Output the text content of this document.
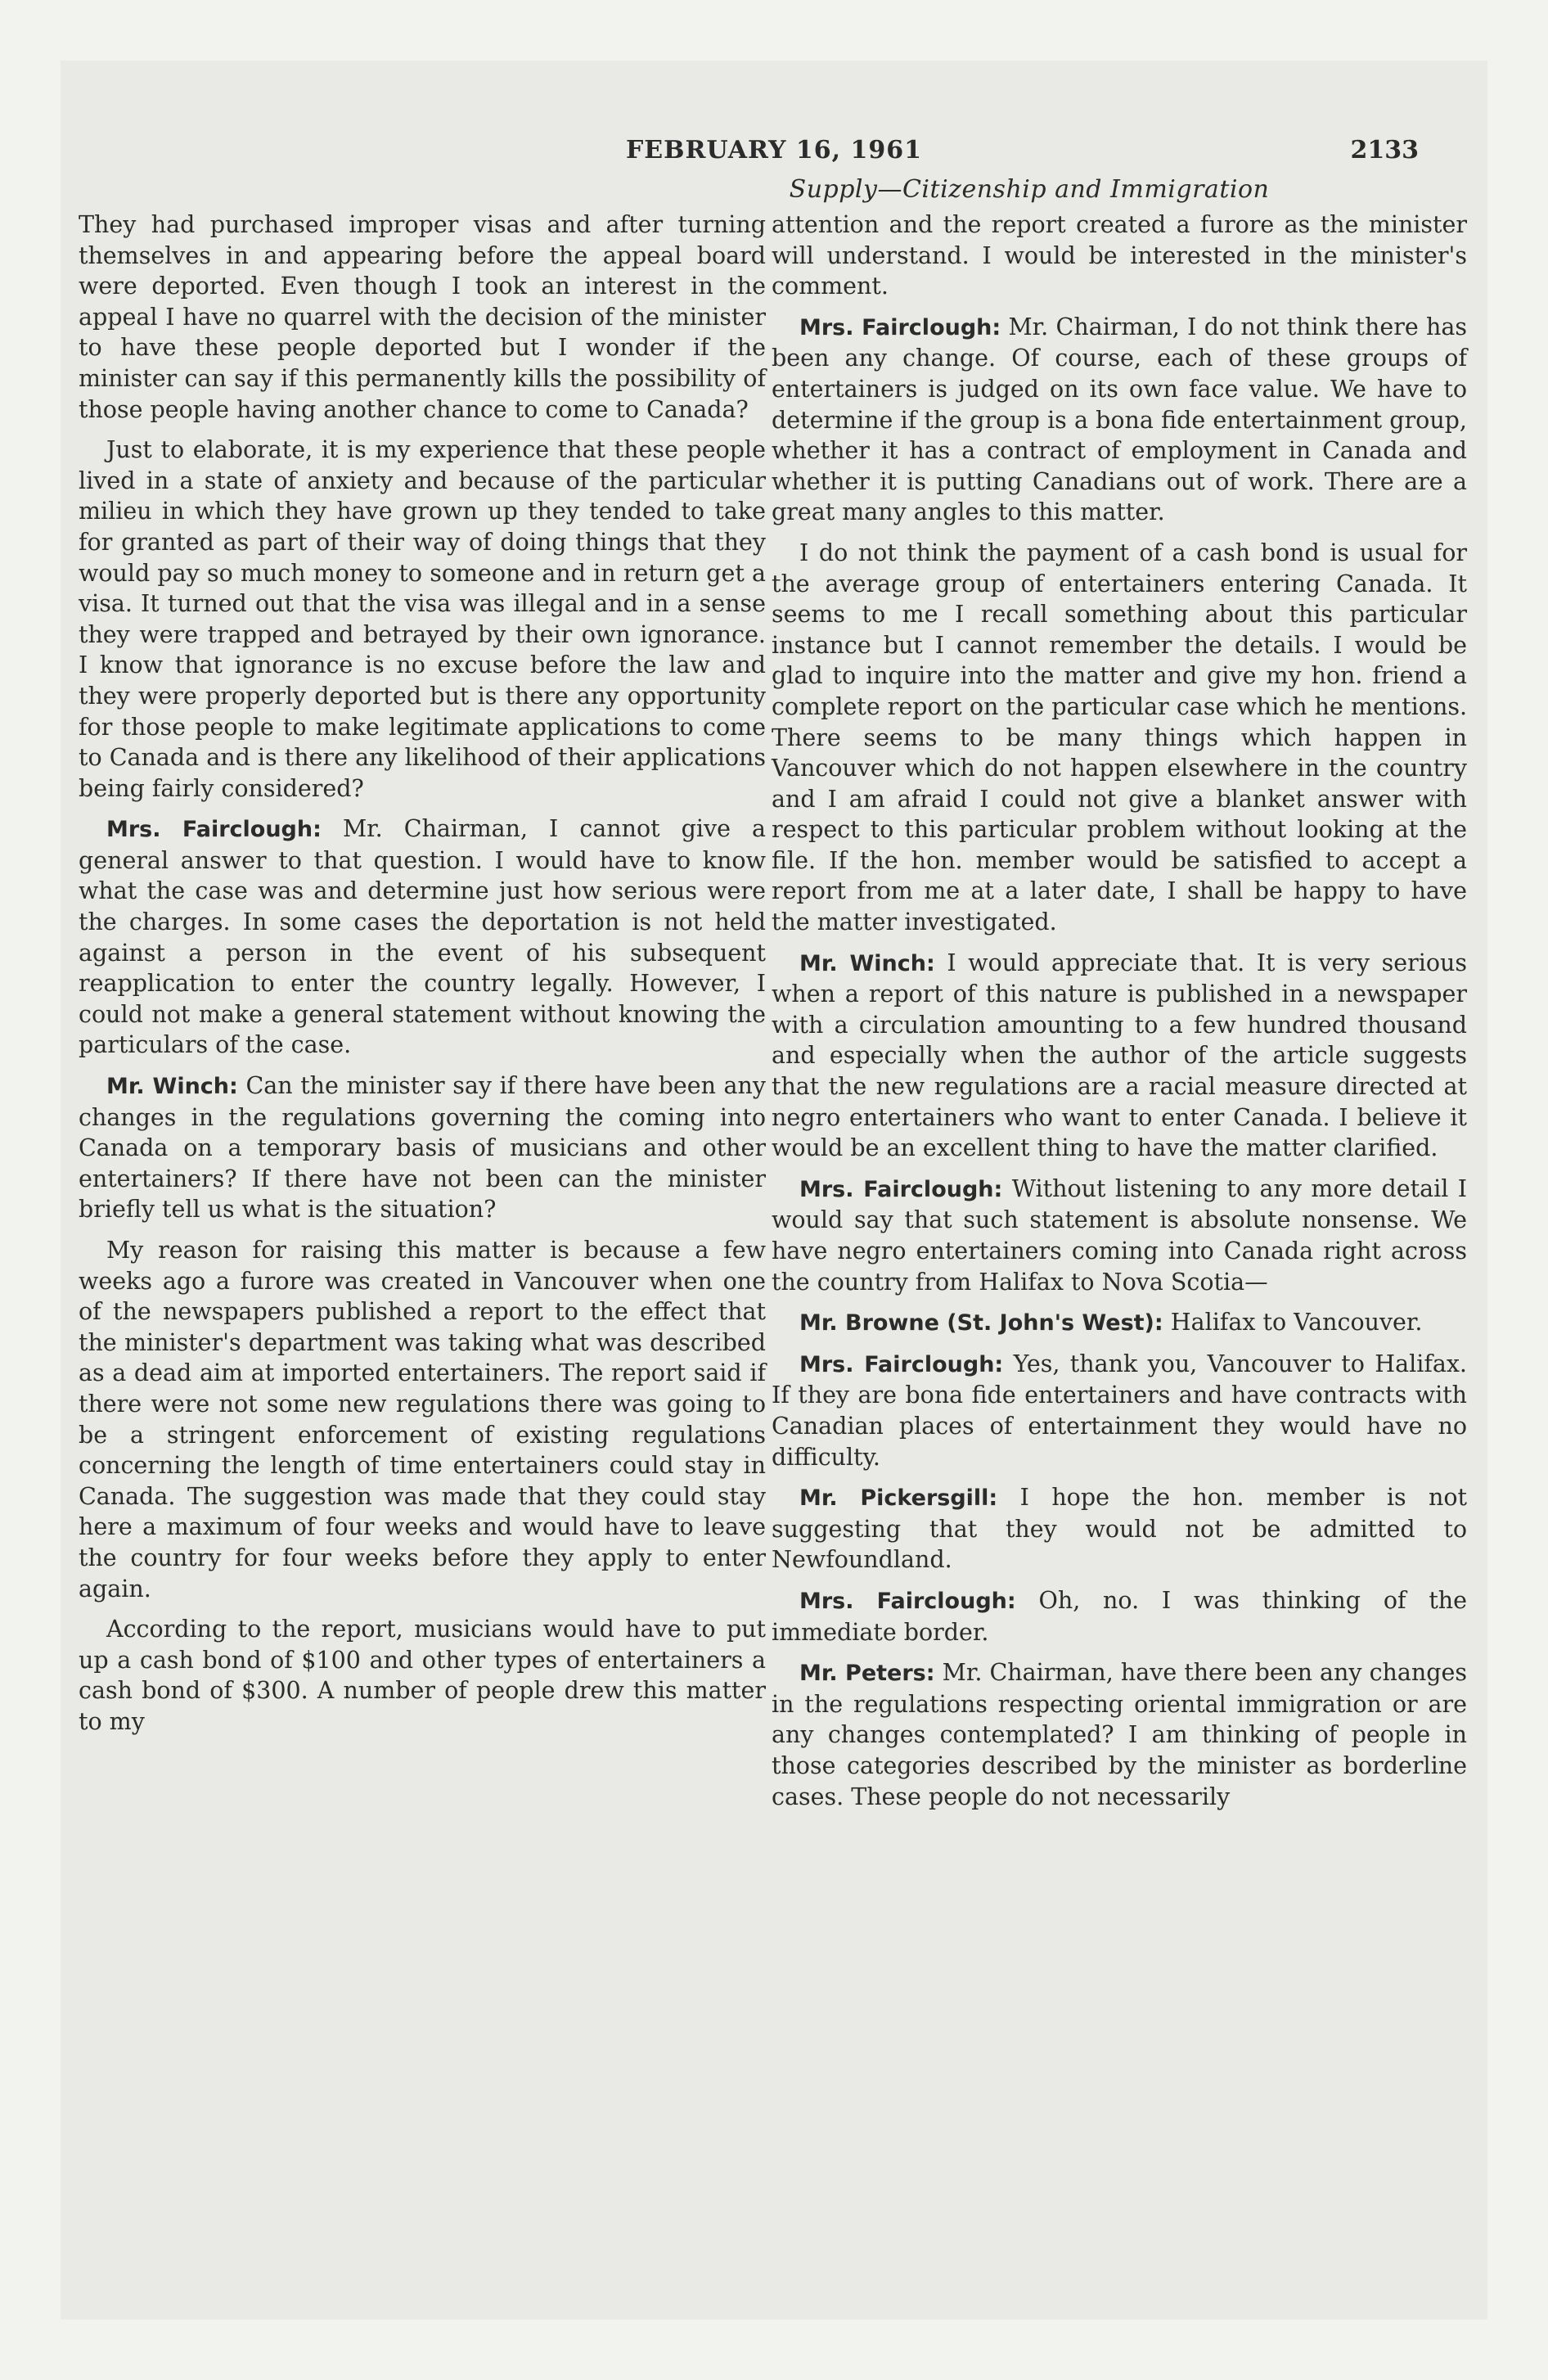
FEBRUARY 16, 1961	2133
Supply—Citizenship and Immigration

They had purchased improper visas and after turning themselves in and appearing before the appeal board were deported. Even though I took an interest in the appeal I have no quarrel with the decision of the minister to have these people deported but I wonder if the minister can say if this permanently kills the possibility of those people having another chance to come to Canada?

Just to elaborate, it is my experience that these people lived in a state of anxiety and because of the particular milieu in which they have grown up they tended to take for granted as part of their way of doing things that they would pay so much money to someone and in return get a visa. It turned out that the visa was illegal and in a sense they were trapped and betrayed by their own ignorance. I know that ignorance is no excuse before the law and they were properly deported but is there any opportunity for those people to make legitimate applications to come to Canada and is there any likelihood of their applications being fairly considered?

Mrs. Fairclough: Mr. Chairman, I cannot give a general answer to that question. I would have to know what the case was and determine just how serious were the charges. In some cases the deportation is not held against a person in the event of his subsequent reapplication to enter the country legally. However, I could not make a general statement without knowing the particulars of the case.

Mr. Winch: Can the minister say if there have been any changes in the regulations governing the coming into Canada on a temporary basis of musicians and other entertainers? If there have not been can the minister briefly tell us what is the situation?

My reason for raising this matter is because a few weeks ago a furore was created in Vancouver when one of the newspapers published a report to the effect that the minister's department was taking what was described as a dead aim at imported entertainers. The report said if there were not some new regulations there was going to be a stringent enforcement of existing regulations concerning the length of time entertainers could stay in Canada. The suggestion was made that they could stay here a maximum of four weeks and would have to leave the country for four weeks before they apply to enter again.

According to the report, musicians would have to put up a cash bond of $100 and other types of entertainers a cash bond of $300. A number of people drew this matter to my

attention and the report created a furore as the minister will understand. I would be interested in the minister's comment.

Mrs. Fairclough: Mr. Chairman, I do not think there has been any change. Of course, each of these groups of entertainers is judged on its own face value. We have to determine if the group is a bona fide entertainment group, whether it has a contract of employment in Canada and whether it is putting Canadians out of work. There are a great many angles to this matter.

I do not think the payment of a cash bond is usual for the average group of entertainers entering Canada. It seems to me I recall something about this particular instance but I cannot remember the details. I would be glad to inquire into the matter and give my hon. friend a complete report on the particular case which he mentions. There seems to be many things which happen in Vancouver which do not happen elsewhere in the country and I am afraid I could not give a blanket answer with respect to this particular problem without looking at the file. If the hon. member would be satisfied to accept a report from me at a later date, I shall be happy to have the matter investigated.

Mr. Winch: I would appreciate that. It is very serious when a report of this nature is published in a newspaper with a circulation amounting to a few hundred thousand and especially when the author of the article suggests that the new regulations are a racial measure directed at negro entertainers who want to enter Canada. I believe it would be an excellent thing to have the matter clarified.

Mrs. Fairclough: Without listening to any more detail I would say that such statement is absolute nonsense. We have negro entertainers coming into Canada right across the country from Halifax to Nova Scotia—

Mr. Browne (St. John's West): Halifax to Vancouver.

Mrs. Fairclough: Yes, thank you, Vancouver to Halifax. If they are bona fide entertainers and have contracts with Canadian places of entertainment they would have no difficulty.

Mr. Pickersgill: I hope the hon. member is not suggesting that they would not be admitted to Newfoundland.

Mrs. Fairclough: Oh, no. I was thinking of the immediate border.

Mr. Peters: Mr. Chairman, have there been any changes in the regulations respecting oriental immigration or are any changes contemplated? I am thinking of people in those categories described by the minister as borderline cases. These people do not necessarily
